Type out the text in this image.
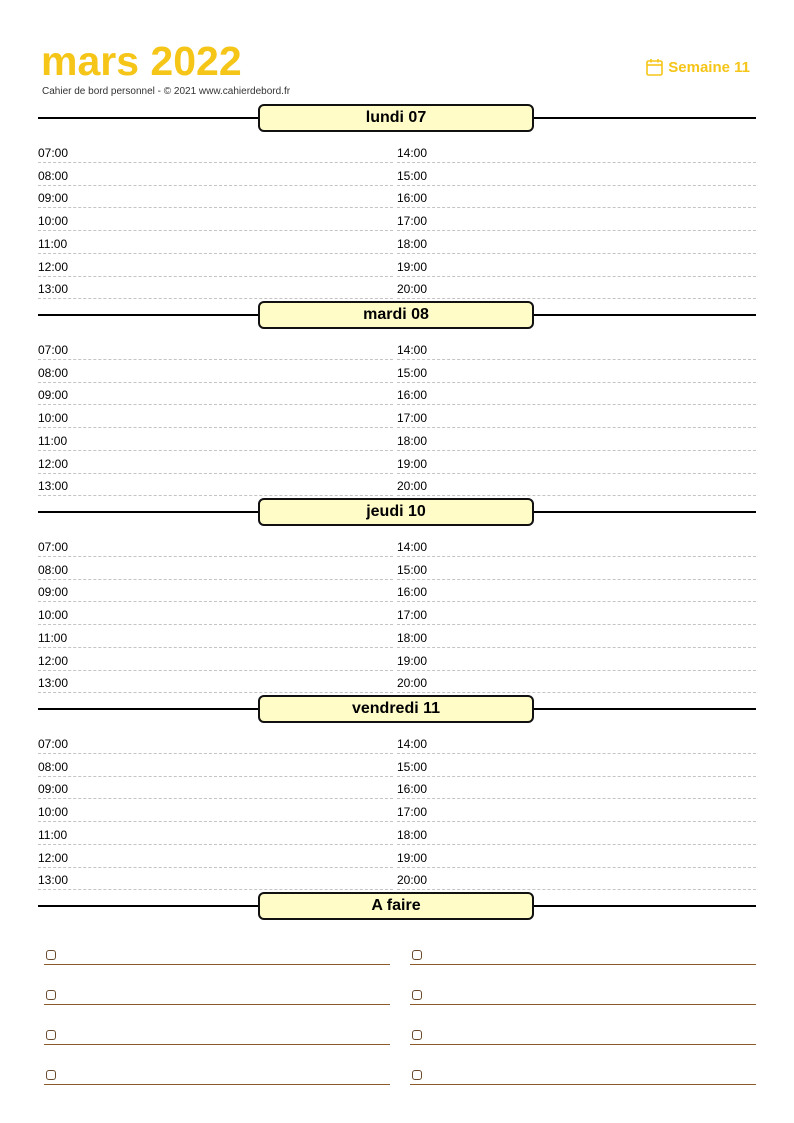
mars 2022
Cahier de bord personnel - © 2021 www.cahierdebord.fr
Semaine 11
lundi 07
07:00
08:00
09:00
10:00
11:00
12:00
13:00
14:00
15:00
16:00
17:00
18:00
19:00
20:00
mardi 08
07:00
08:00
09:00
10:00
11:00
12:00
13:00
14:00
15:00
16:00
17:00
18:00
19:00
20:00
jeudi 10
07:00
08:00
09:00
10:00
11:00
12:00
13:00
14:00
15:00
16:00
17:00
18:00
19:00
20:00
vendredi 11
07:00
08:00
09:00
10:00
11:00
12:00
13:00
14:00
15:00
16:00
17:00
18:00
19:00
20:00
A faire
